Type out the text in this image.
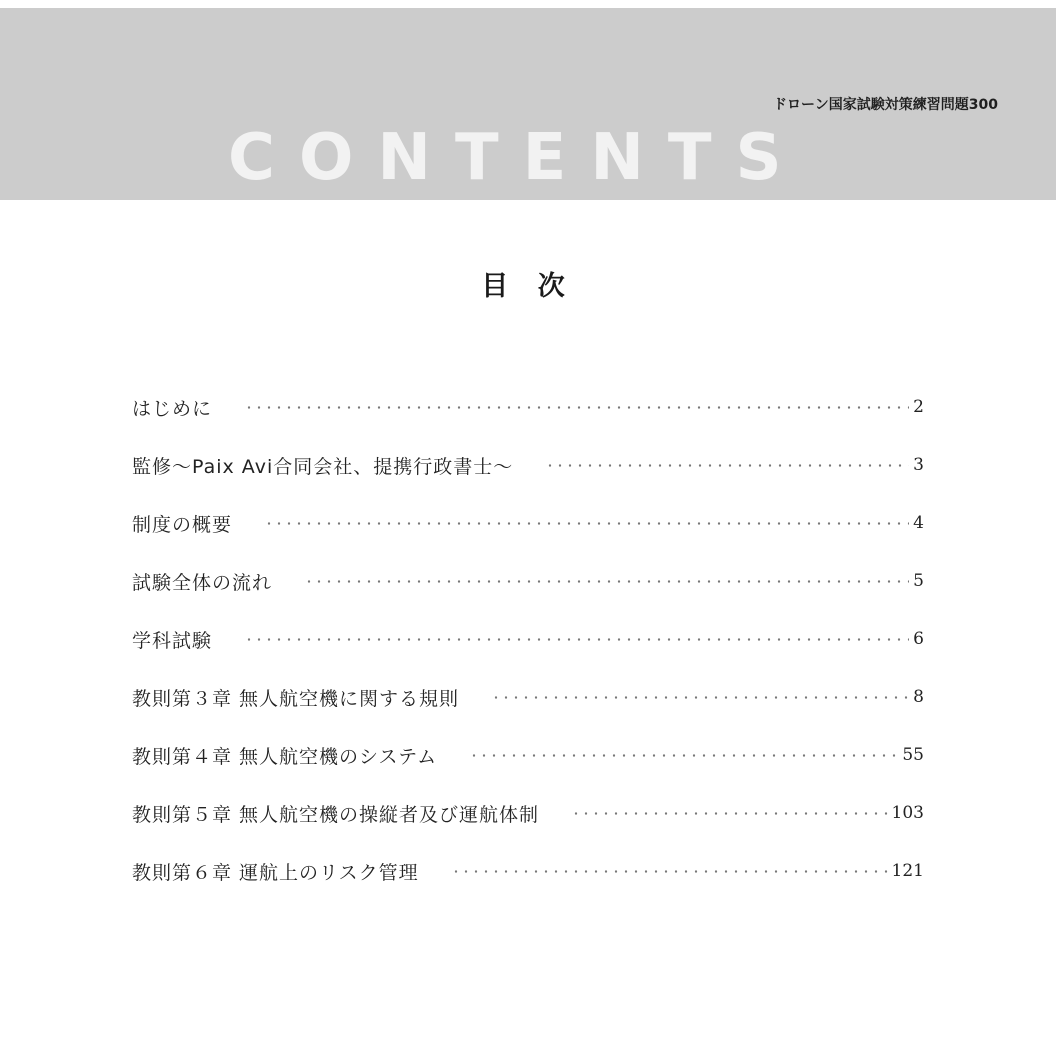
ドローン国家試験対策練習問題300
CONTENTS
目 次
はじめに	2
監修〜Paix Avi合同会社、提携行政書士〜	3
制度の概要	4
試験全体の流れ	5
学科試験	6
教則第３章 無人航空機に関する規則	8
教則第４章 無人航空機のシステム	55
教則第５章 無人航空機の操縦者及び運航体制	103
教則第６章 運航上のリスク管理	121
